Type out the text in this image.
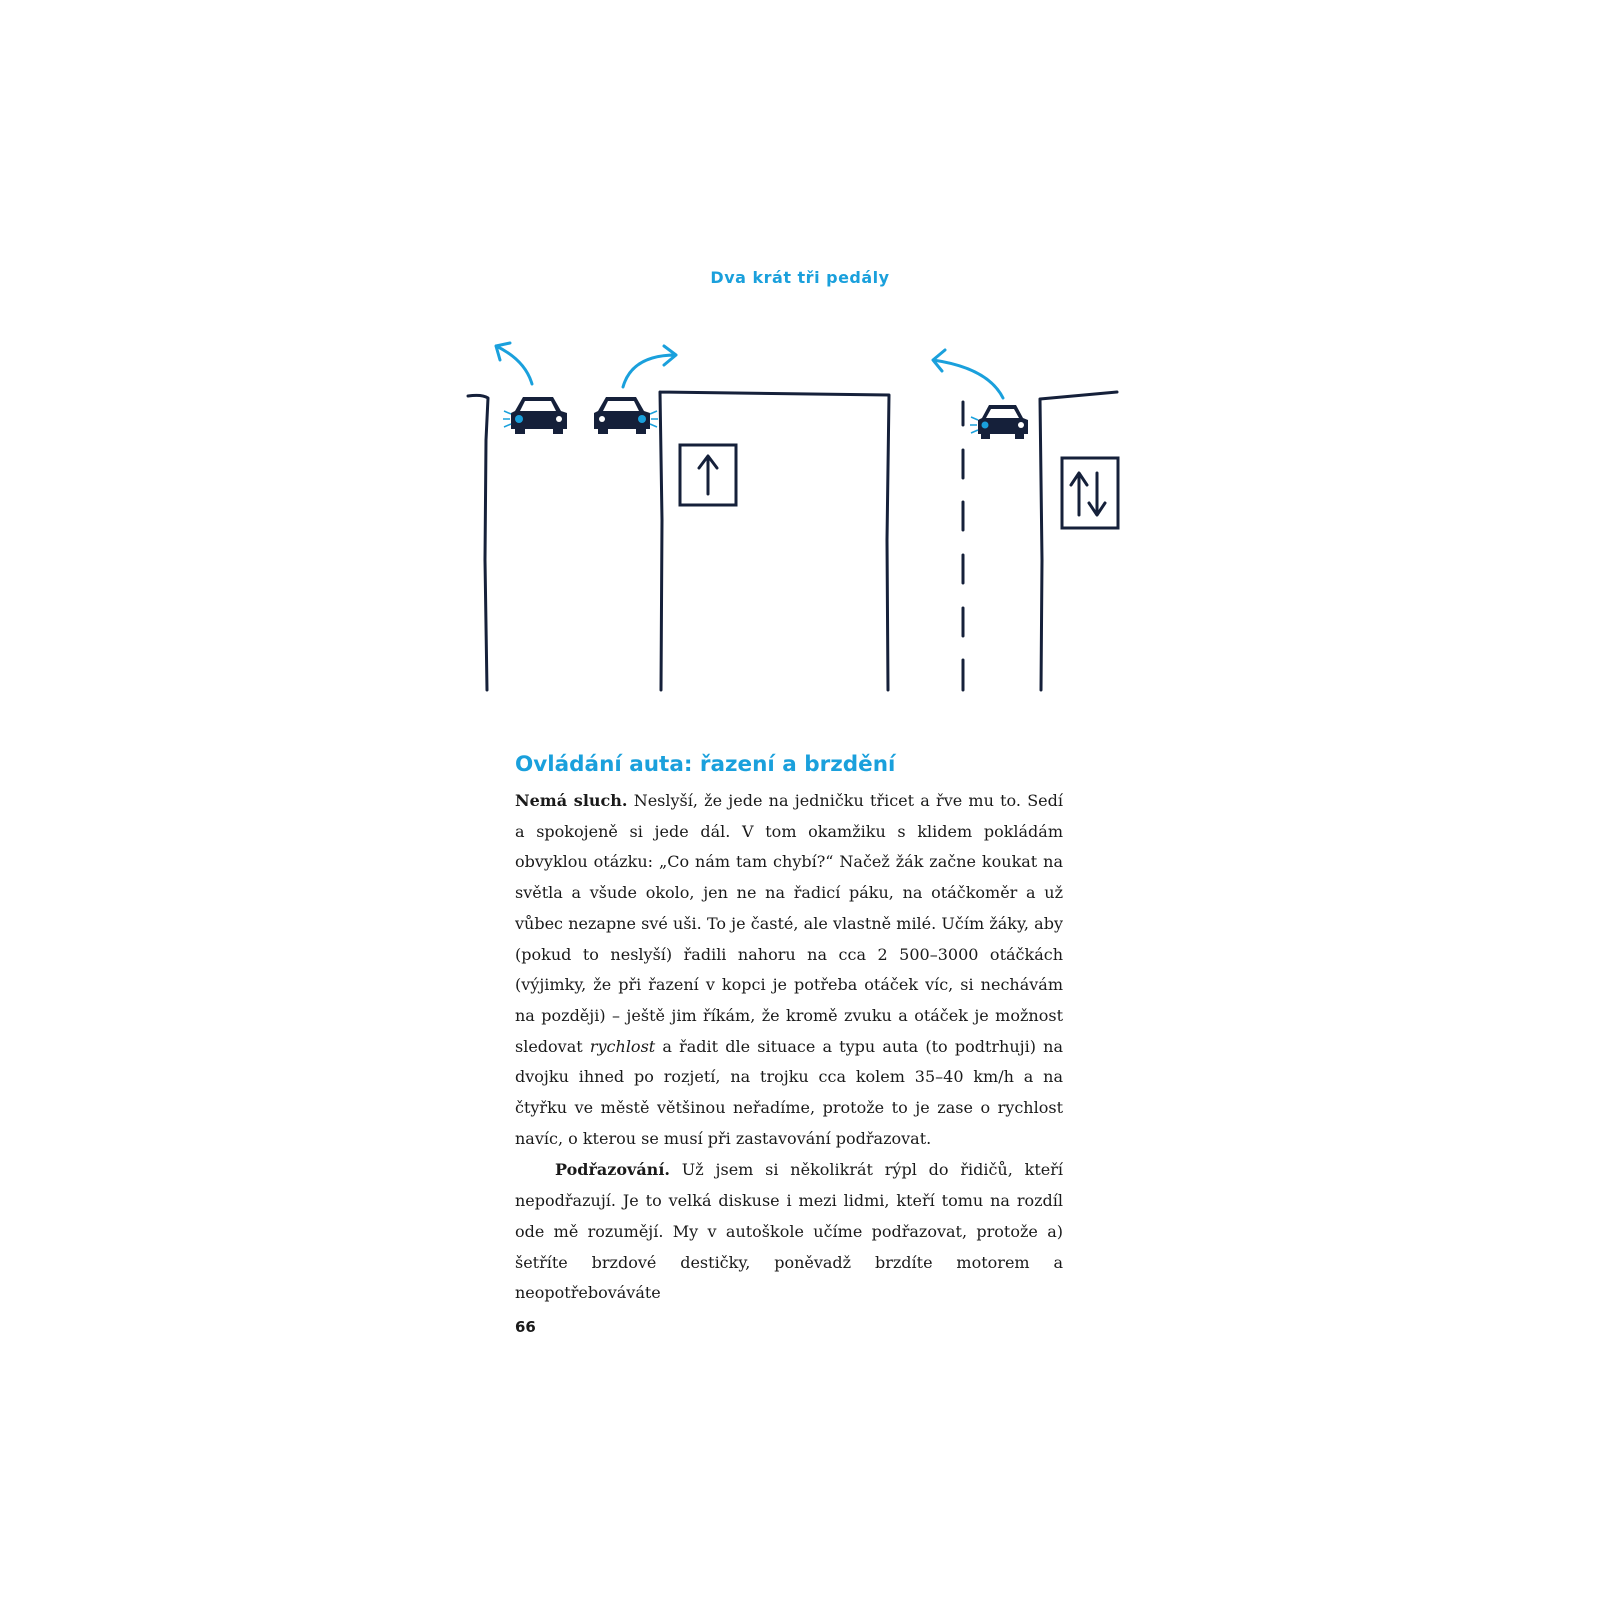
Dva krát tři pedály
Ovládání auta: řazení a brzdění

Nemá sluch. Neslyší, že jede na jedničku třicet a řve mu to. Sedí a spokojeně si jede dál. V tom okamžiku s klidem pokládám obvyklou otázku: „Co nám tam chybí?“ Načež žák začne koukat na světla a všude okolo, jen ne na řadicí páku, na otáčkoměr a už vůbec nezapne své uši. To je časté, ale vlastně milé. Učím žáky, aby (pokud to neslyší) řadili nahoru na cca 2 500–3000 otáčkách (výjimky, že při řazení v kopci je potřeba otáček víc, si nechávám na později) – ještě jim říkám, že kromě zvuku a otáček je možnost sledovat rychlost a řadit dle situace a typu auta (to podtrhuji) na dvojku ihned po rozjetí, na trojku cca kolem 35–40 km/h a na čtyřku ve městě většinou neřadíme, protože to je zase o rychlost navíc, o kterou se musí při zastavování podřazovat.

Podřazování. Už jsem si několikrát rýpl do řidičů, kteří nepodřazují. Je to velká diskuse i mezi lidmi, kteří tomu na rozdíl ode mě rozumějí. My v autoškole učíme podřazovat, protože a) šetříte brzdové destičky, poněvadž brzdíte motorem a neopotřebováváte

66
